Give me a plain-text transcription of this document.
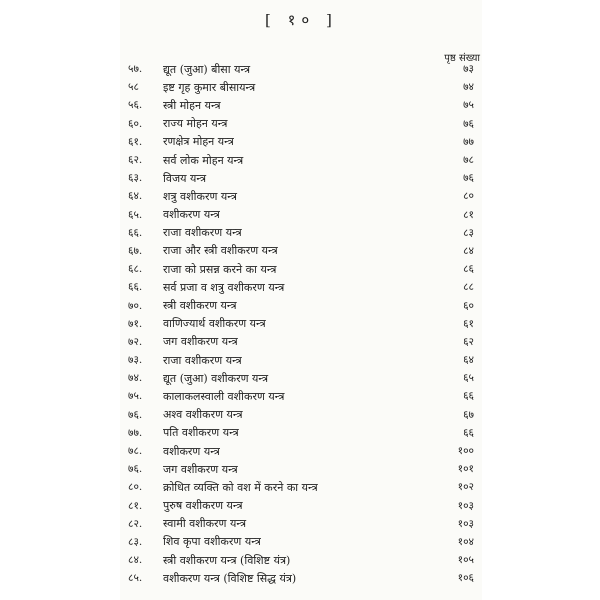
[ १० ]
पृष्ठ संख्या
५७.	द्यूत (जुआ) बीसा यन्त्र	७३
५८	इष्ट गृह कुमार बीसायन्त्र	७४
५६.	स्त्री मोहन यन्त्र	७५
६०.	राज्य मोहन यन्त्र	७६
६१.	रणक्षेत्र मोहन यन्त्र	७७
६२.	सर्व लोक मोहन यन्त्र	७८
६३.	विजय यन्त्र	७६
६४.	शत्रु वशीकरण यन्त्र	८०
६५.	वशीकरण यन्त्र	८१
६६.	राजा वशीकरण यन्त्र	८३
६७.	राजा और स्त्री वशीकरण यन्त्र	८४
६८.	राजा को प्रसन्न करने का यन्त्र	८६
६६.	सर्व प्रजा व शत्रु वशीकरण यन्त्र	८८
७०.	स्त्री वशीकरण यन्त्र	६०
७१.	वाणिज्यार्थ वशीकरण यन्त्र	६१
७२.	जग वशीकरण यन्त्र	६२
७३.	राजा वशीकरण यन्त्र	६४
७४.	द्यूत (जुआ) वशीकरण यन्त्र	६५
७५.	कालाकलस्वाली वशीकरण यन्त्र	६६
७६.	अश्व वशीकरण यन्त्र	६७
७७.	पति वशीकरण यन्त्र	६६
७८.	वशीकरण यन्त्र	१००
७६.	जग वशीकरण यन्त्र	१०१
८०.	क्रोधित व्यक्ति को वश में करने का यन्त्र	१०२
८१.	पुरुष वशीकरण यन्त्र	१०३
८२.	स्वामी वशीकरण यन्त्र	१०३
८३.	शिव कृपा वशीकरण यन्त्र	१०४
८४.	स्त्री वशीकरण यन्त्र (विशिष्ट यंत्र)	१०५
८५.	वशीकरण यन्त्र (विशिष्ट सिद्ध यंत्र)	१०६
